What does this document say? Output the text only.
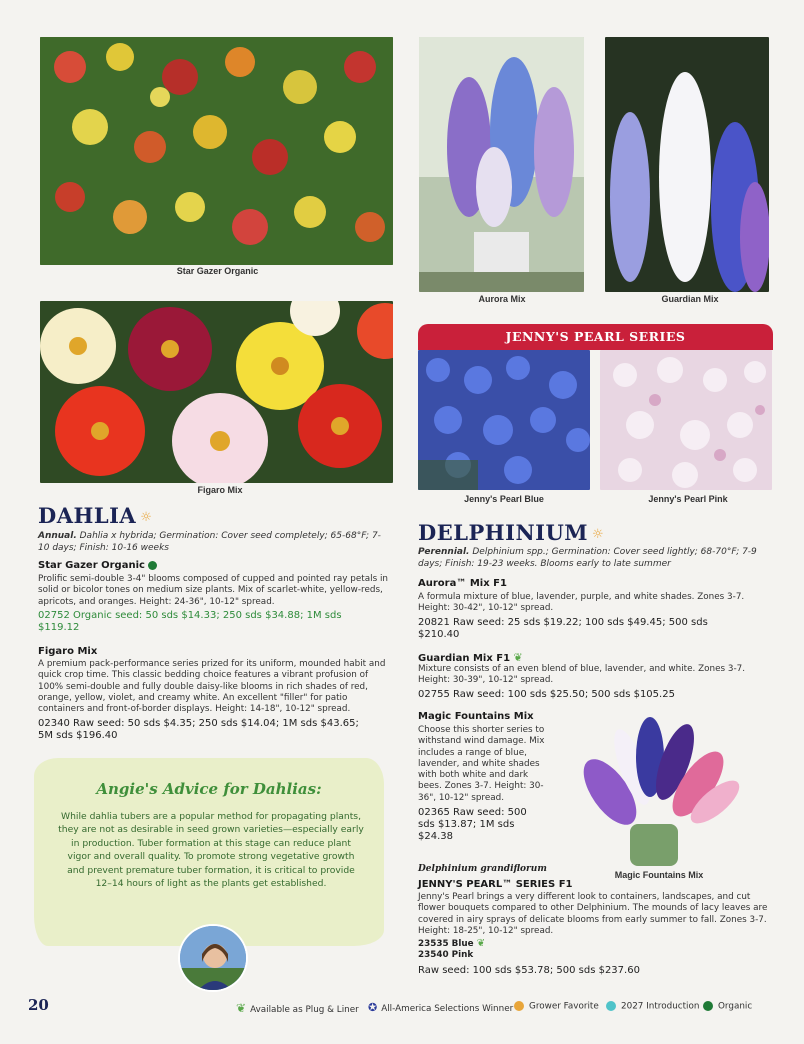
Star Gazer Organic
Aurora Mix	Guardian Mix
Figaro Mix
JENNY'S PEARL SERIES
Jenny's Pearl Blue	Jenny's Pearl Pink
Magic Fountains Mix
DAHLIA ☼
Annual. Dahlia x hybrida; Germination: Cover seed completely; 65-68°F; 7-10 days; Finish: 10-16 weeks
Star Gazer Organic
Prolific semi-double 3-4" blooms composed of cupped and pointed ray petals in solid or bicolor tones on medium size plants. Mix of scarlet-white, yellow-reds, apricots, and oranges. Height: 24-36", 10-12" spread.
02752 Organic seed: 50 sds $14.33; 250 sds $34.88; 1M sds $119.12
Figaro Mix
A premium pack-performance series prized for its uniform, mounded habit and quick crop time. This classic bedding choice features a vibrant profusion of 100% semi-double and fully double daisy-like blooms in rich shades of red, orange, yellow, violet, and creamy white. An excellent "filler" for patio containers and front-of-border displays. Height: 14-18", 10-12" spread.
02340 Raw seed: 50 sds $4.35; 250 sds $14.04; 1M sds $43.65; 5M sds $196.40
Angie's Advice for Dahlias:
While dahlia tubers are a popular method for propagating plants, they are not as desirable in seed grown varieties—especially early in production. Tuber formation at this stage can reduce plant vigor and overall quality. To promote strong vegetative growth and prevent premature tuber formation, it is critical to provide 12–14 hours of light as the plants get established.
DELPHINIUM ☼
Perennial. Delphinium spp.; Germination: Cover seed lightly; 68-70°F; 7-9 days; Finish: 19-23 weeks. Blooms early to late summer
Aurora™ Mix F1
A formula mixture of blue, lavender, purple, and white shades. Zones 3-7. Height: 30-42", 10-12" spread.
20821 Raw seed: 25 sds $19.22; 100 sds $49.45; 500 sds $210.40
Guardian Mix F1 ❦
Mixture consists of an even blend of blue, lavender, and white. Zones 3-7. Height: 30-39", 10-12" spread.
02755 Raw seed: 100 sds $25.50; 500 sds $105.25
Magic Fountains Mix
Choose this shorter series to withstand wind damage. Mix includes a range of blue, lavender, and white shades with both white and dark bees. Zones 3-7. Height: 30-36", 10-12" spread.
02365 Raw seed: 500 sds $13.87; 1M sds $24.38
Delphinium grandiflorum
JENNY'S PEARL™ SERIES F1
Jenny's Pearl brings a very different look to containers, landscapes, and cut flower bouquets compared to other Delphinium. The mounds of lacy leaves are covered in airy sprays of delicate blooms from early summer to fall. Zones 3-7. Height: 18-25", 10-12" spread.
23535 Blue ❦
23540 Pink
Raw seed: 100 sds $53.78; 500 sds $237.60
20	❦ Available as Plug & Liner ✪ All-America Selections Winner	Grower Favorite	2027 Introduction	Organic
